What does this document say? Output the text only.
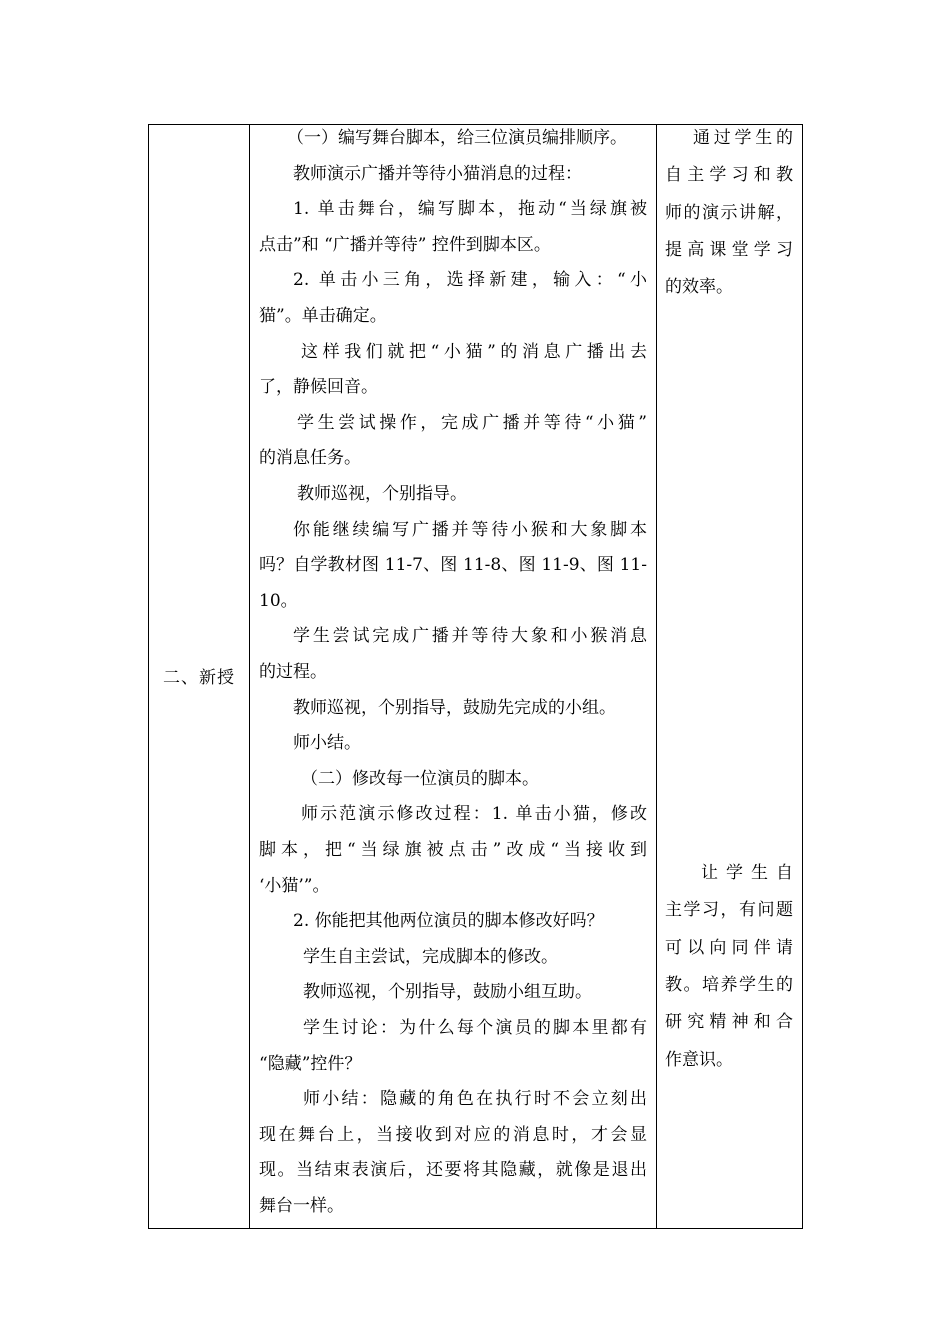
二、新授
（一）编写舞台脚本，给三位演员编排顺序。
教师演示广播并等待小猫消息的过程：
1. 单击舞台，编写脚本，拖动“当绿旗被
点击”和 “广播并等待” 控件到脚本区。
2. 单击小三角，选择新建，输入：“小
猫”。单击确定。
这样我们就把“小猫”的消息广播出去
了，静候回音。
学生尝试操作，完成广播并等待“小猫”
的消息任务。
教师巡视，个别指导。
你能继续编写广播并等待小猴和大象脚本
吗？自学教材图 11-7、图 11-8、图 11-9、图 11-
10。
学生尝试完成广播并等待大象和小猴消息
的过程。
教师巡视，个别指导，鼓励先完成的小组。
师小结。
（二）修改每一位演员的脚本。
师示范演示修改过程：1. 单击小猫，修改
脚本，把“当绿旗被点击”改成“当接收到
‘小猫’”。
2. 你能把其他两位演员的脚本修改好吗？
学生自主尝试，完成脚本的修改。
教师巡视，个别指导，鼓励小组互助。
学生讨论：为什么每个演员的脚本里都有
“隐藏”控件？
师小结：隐藏的角色在执行时不会立刻出
现在舞台上，当接收到对应的消息时，才会显
现。当结束表演后，还要将其隐藏，就像是退出
舞台一样。
通过学生的
自主学习和教
师的演示讲解，
提高课堂学习
的效率。
让学生自
主学习，有问题
可以向同伴请
教。培养学生的
研究精神和合
作意识。
